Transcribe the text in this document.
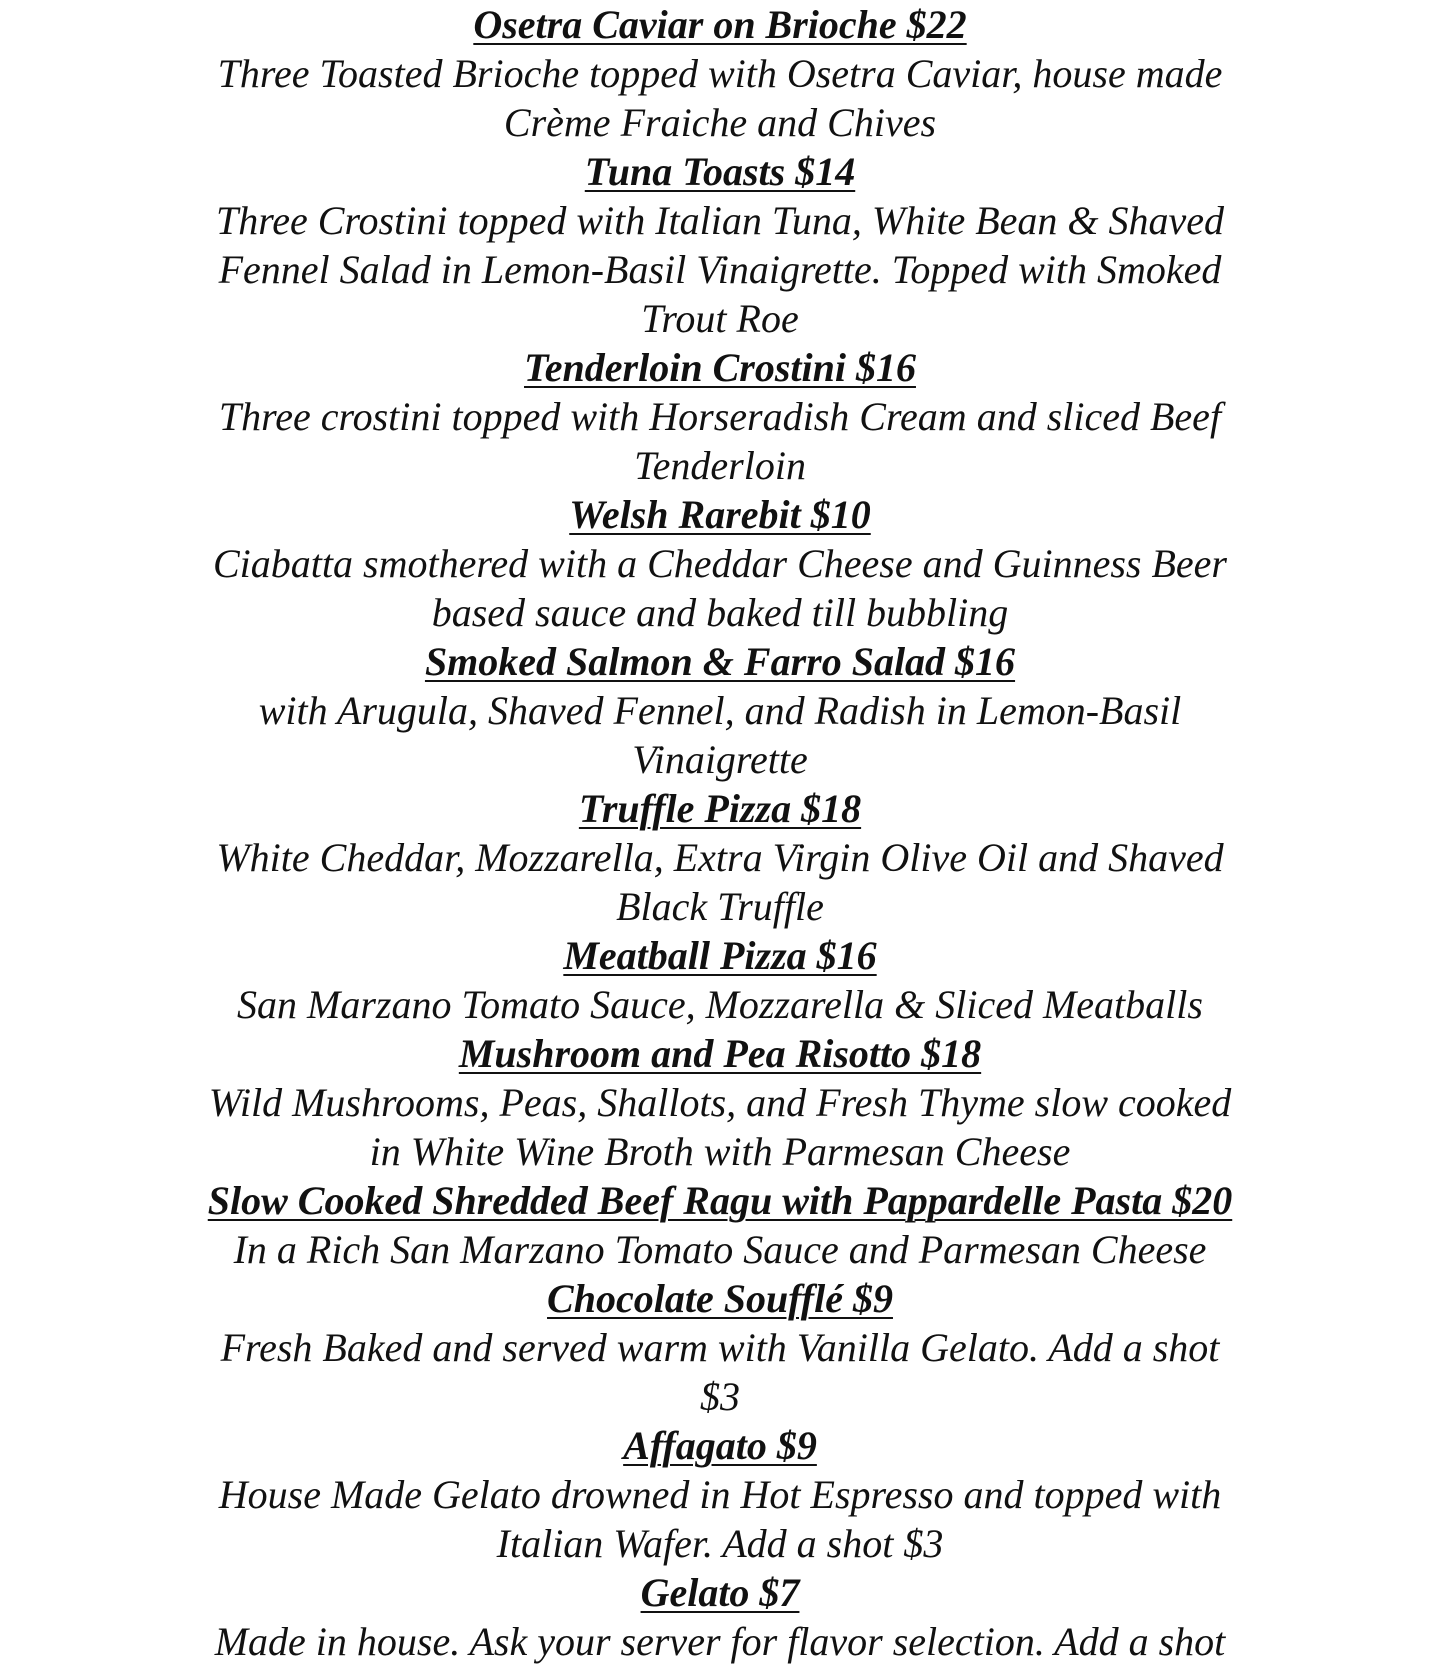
Osetra Caviar on Brioche $22
Three Toasted Brioche topped with Osetra Caviar, house made
Crème Fraiche and Chives
Tuna Toasts $14
Three Crostini topped with Italian Tuna, White Bean & Shaved
Fennel Salad in Lemon-Basil Vinaigrette. Topped with Smoked
Trout Roe
Tenderloin Crostini $16
Three crostini topped with Horseradish Cream and sliced Beef
Tenderloin
Welsh Rarebit $10
Ciabatta smothered with a Cheddar Cheese and Guinness Beer
based sauce and baked till bubbling
Smoked Salmon & Farro Salad $16
with Arugula, Shaved Fennel, and Radish in Lemon-Basil
Vinaigrette
Truffle Pizza $18
White Cheddar, Mozzarella, Extra Virgin Olive Oil and Shaved
Black Truffle
Meatball Pizza $16
San Marzano Tomato Sauce, Mozzarella & Sliced Meatballs
Mushroom and Pea Risotto $18
Wild Mushrooms, Peas, Shallots, and Fresh Thyme slow cooked
in White Wine Broth with Parmesan Cheese
Slow Cooked Shredded Beef Ragu with Pappardelle Pasta $20
In a Rich San Marzano Tomato Sauce and Parmesan Cheese
Chocolate Soufflé $9
Fresh Baked and served warm with Vanilla Gelato. Add a shot
$3
Affagato $9
House Made Gelato drowned in Hot Espresso and topped with
Italian Wafer. Add a shot $3
Gelato $7
Made in house. Ask your server for flavor selection. Add a shot
